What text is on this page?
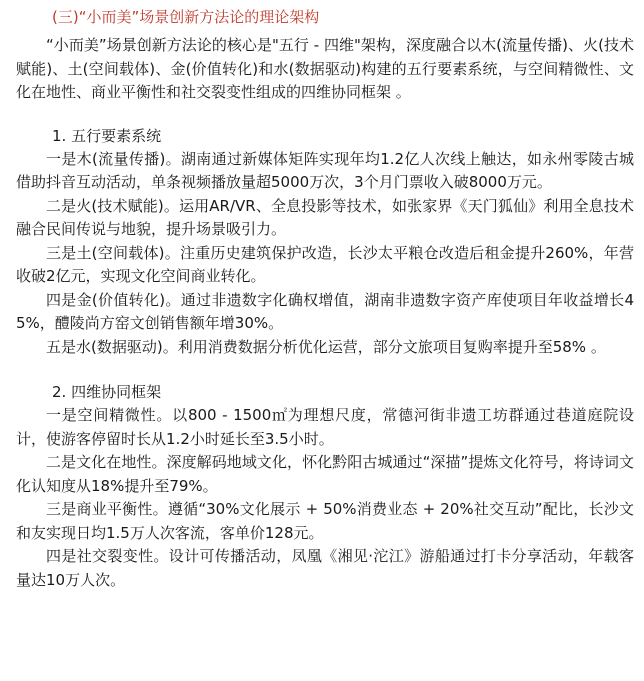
(三)“小而美”场景创新方法论的理论架构

“小而美”场景创新方法论的核心是"五行 - 四维"架构，深度融合以木(流量传播)、火(技术赋能)、土(空间载体)、金(价值转化)和水(数据驱动)构建的五行要素系统，与空间精微性、文化在地性、商业平衡性和社交裂变性组成的四维协同框架 。

1. 五行要素系统

一是木(流量传播)。湖南通过新媒体矩阵实现年均1.2亿人次线上触达，如永州零陵古城借助抖音互动活动，单条视频播放量超5000万次，3个月门票收入破8000万元。

二是火(技术赋能)。运用AR/VR、全息投影等技术，如张家界《天门狐仙》利用全息技术融合民间传说与地貌，提升场景吸引力。

三是土(空间载体)。注重历史建筑保护改造，长沙太平粮仓改造后租金提升260%，年营收破2亿元，实现文化空间商业转化。

四是金(价值转化)。通过非遗数字化确权增值，湖南非遗数字资产库使项目年收益增长45%，醴陵尚方窑文创销售额年增30%。

五是水(数据驱动)。利用消费数据分析优化运营，部分文旅项目复购率提升至58% 。

2. 四维协同框架

一是空间精微性。以800 - 1500㎡为理想尺度，常德河街非遗工坊群通过巷道庭院设计，使游客停留时长从1.2小时延长至3.5小时。

二是文化在地性。深度解码地域文化，怀化黔阳古城通过“深描”提炼文化符号，将诗词文化认知度从18%提升至79%。

三是商业平衡性。遵循“30%文化展示 + 50%消费业态 + 20%社交互动”配比，长沙文和友实现日均1.5万人次客流，客单价128元。

四是社交裂变性。设计可传播活动，凤凰《湘见·沱江》游船通过打卡分享活动，年载客量达10万人次。
